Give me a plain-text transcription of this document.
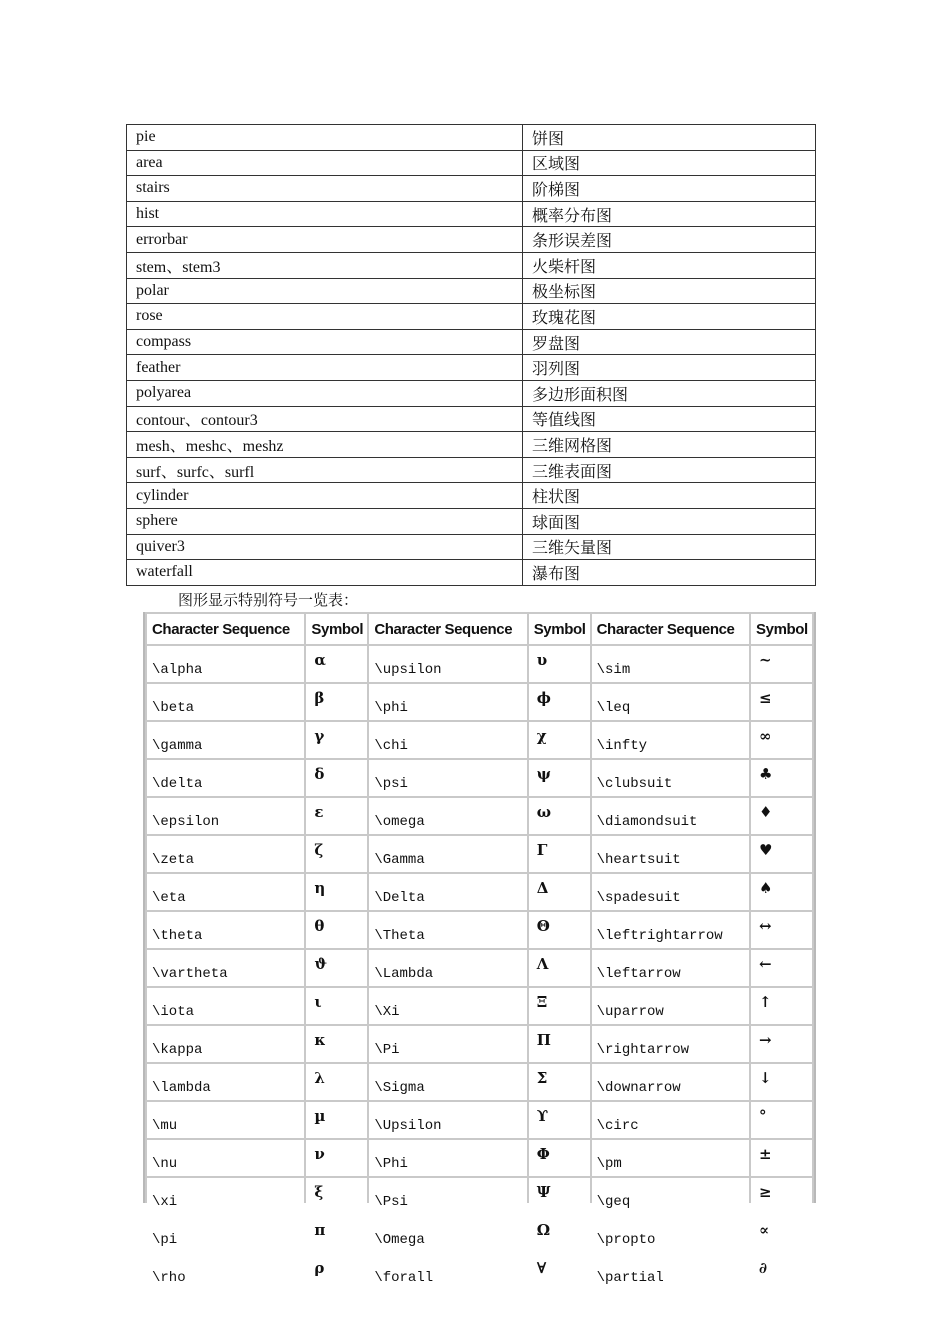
pie	饼图
area	区域图
stairs	阶梯图
hist	概率分布图
errorbar	条形误差图
stem、stem3	火柴杆图
polar	极坐标图
rose	玫瑰花图
compass	罗盘图
feather	羽列图
polyarea	多边形面积图
contour、contour3	等值线图
mesh、meshc、meshz	三维网格图
surf、surfc、surfl	三维表面图
cylinder	柱状图
sphere	球面图
quiver3	三维矢量图
waterfall	瀑布图
图形显示特别符号一览表：
Character Sequence	Symbol	Character Sequence	Symbol	Character Sequence	Symbol
\alpha	α	\upsilon	υ	\sim	~
\beta	β	\phi	ϕ	\leq	≤
\gamma	γ	\chi	χ	\infty	∞
\delta	δ	\psi	ψ	\clubsuit	♣
\epsilon	ε	\omega	ω	\diamondsuit	♦
\zeta	ζ	\Gamma	Γ	\heartsuit	♥
\eta	η	\Delta	Δ	\spadesuit	♠
\theta	θ	\Theta	Θ	\leftrightarrow	↔
\vartheta	ϑ	\Lambda	Λ	\leftarrow	←
\iota	ι	\Xi	Ξ	\uparrow	↑
\kappa	κ	\Pi	Π	\rightarrow	→
\lambda	λ	\Sigma	Σ	\downarrow	↓
\mu	µ	\Upsilon	ϒ	\circ	°
\nu	ν	\Phi	Φ	\pm	±
\xi	ξ	\Psi	Ψ	\geq	≥
\pi	π	\Omega	Ω	\propto	∝
\rho	ρ	\forall	∀	\partial	∂
